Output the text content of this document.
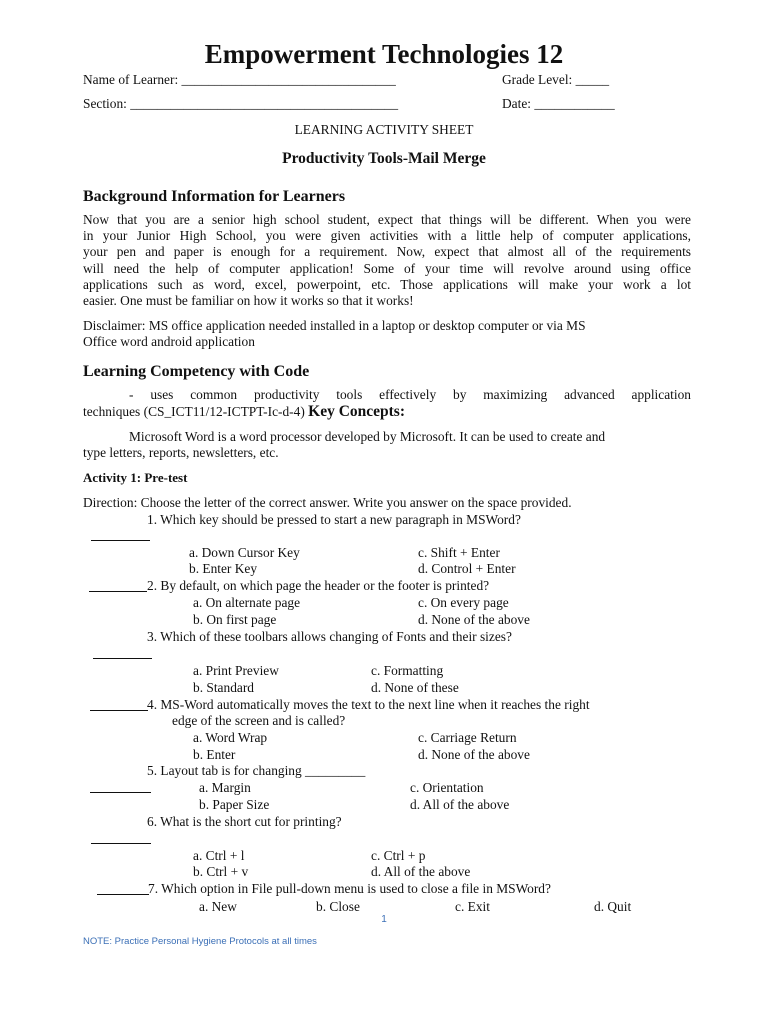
Empowerment Technologies 12
Name of Learner: ________________________________	Grade Level: _____
Section: ________________________________________	Date: ____________
LEARNING ACTIVITY SHEET
Productivity Tools-Mail Merge
Background Information for Learners
Now that you are a senior high school student, expect that things will be different. When you were
in your Junior High School, you were given activities with a little help of computer applications,
your pen and paper is enough for a requirement. Now, expect that almost all of the requirements
will need the help of computer application! Some of your time will revolve around using office
applications such as word, excel, powerpoint, etc. Those applications will make your work a lot
easier. One must be familiar on how it works so that it works!
Disclaimer: MS office application needed installed in a laptop or desktop computer or via MS
Office word android application
Learning Competency with Code
- uses common productivity tools effectively by maximizing advanced application
techniques (CS_ICT11/12-ICTPT-Ic-d-4) Key Concepts:
Microsoft Word is a word processor developed by Microsoft. It can be used to create and
type letters, reports, newsletters, etc.
Activity 1: Pre-test
Direction: Choose the letter of the correct answer. Write you answer on the space provided.
1. Which key should be pressed to start a new paragraph in MSWord?
a. Down Cursor Key	c. Shift + Enter
b. Enter Key	d. Control + Enter
2. By default, on which page the header or the footer is printed?
a. On alternate page	c. On every page
b. On first page	d. None of the above
3. Which of these toolbars allows changing of Fonts and their sizes?
a. Print Preview	c. Formatting
b. Standard	d. None of these
4. MS-Word automatically moves the text to the next line when it reaches the right
edge of the screen and is called?
a. Word Wrap	c. Carriage Return
b. Enter	d. None of the above
5. Layout tab is for changing _________
a. Margin	c. Orientation
b. Paper Size	d. All of the above
6. What is the short cut for printing?
a. Ctrl + l	c. Ctrl + p
b. Ctrl + v	d. All of the above
7. Which option in File pull-down menu is used to close a file in MSWord?
a. New	b. Close	c. Exit	d. Quit
1
NOTE: Practice Personal Hygiene Protocols at all times
